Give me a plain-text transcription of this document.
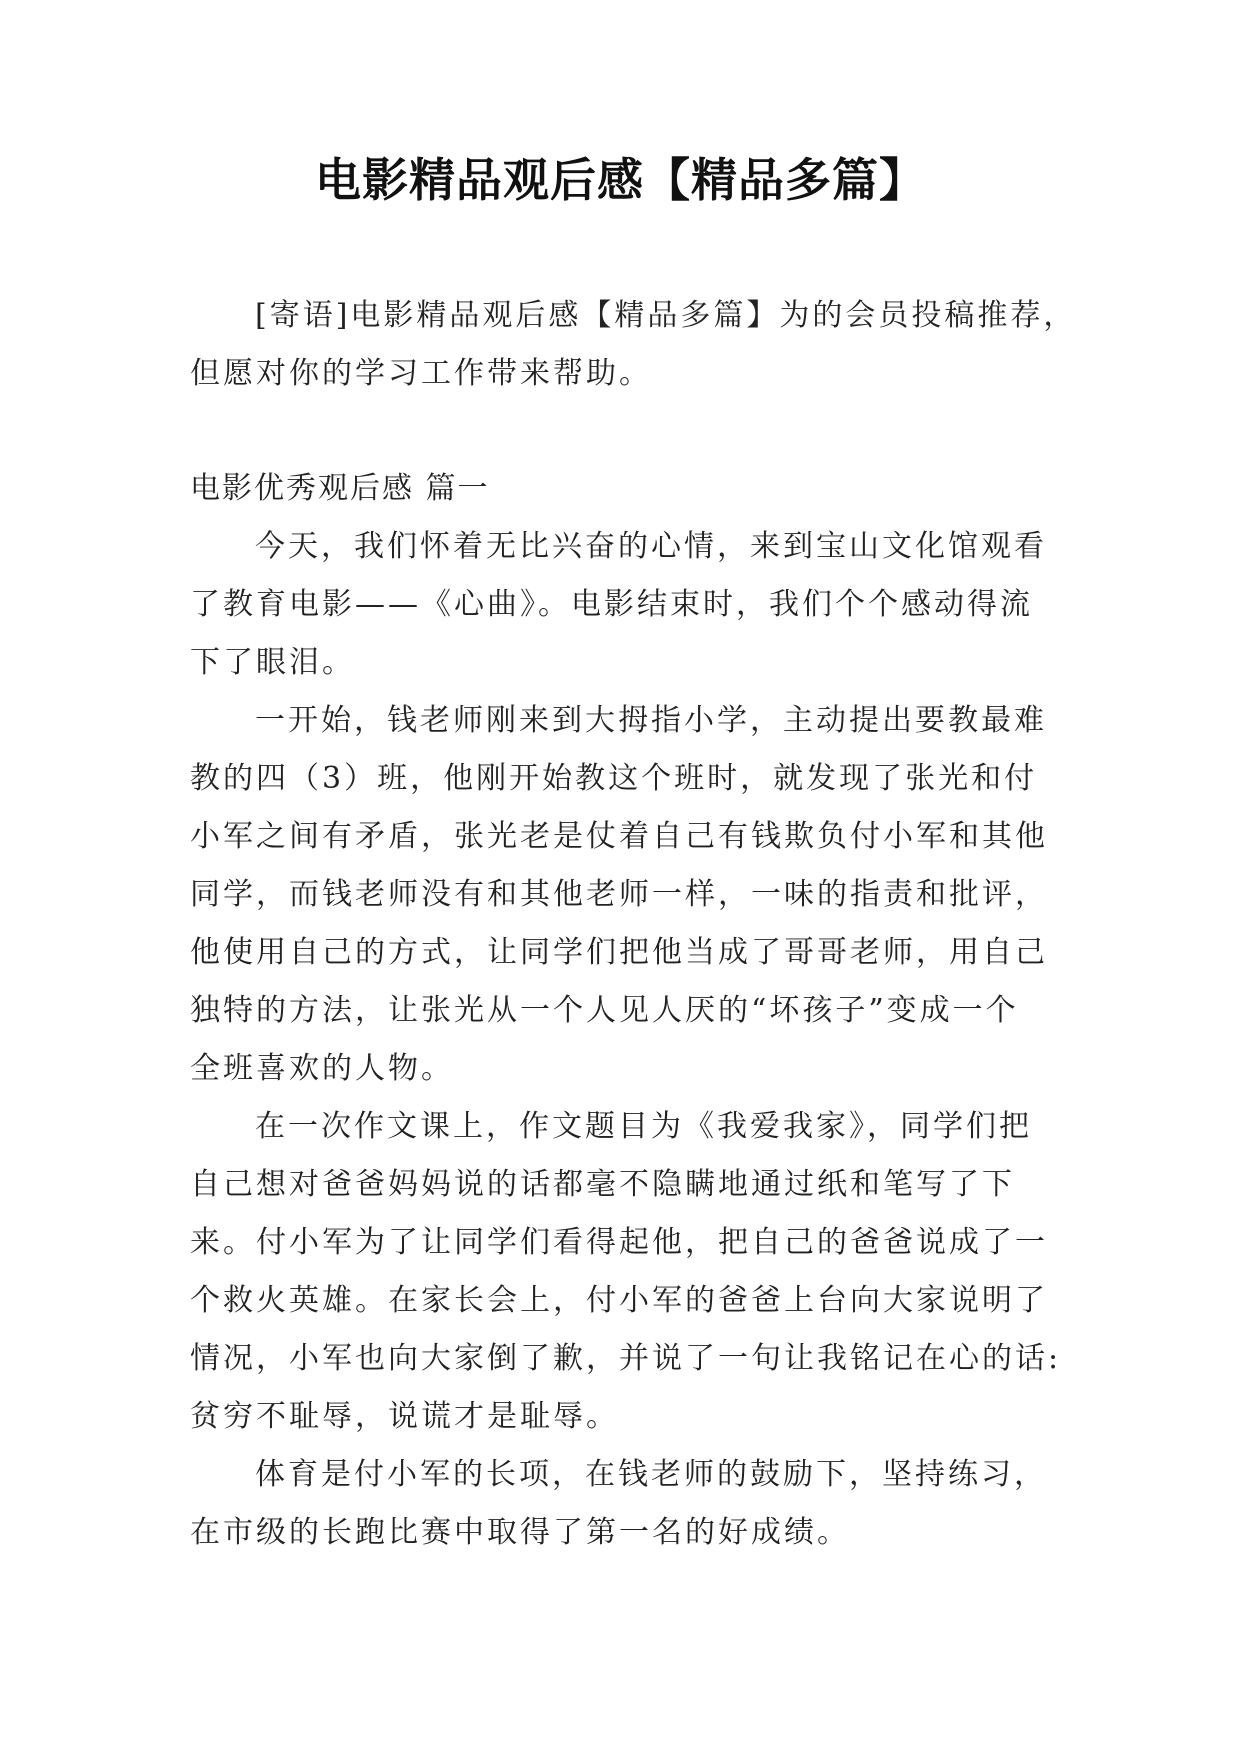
电影精品观后感【精品多篇】
[寄语]电影精品观后感【精品多篇】为的会员投稿推荐，
但愿对你的学习工作带来帮助。
电影优秀观后感 篇一
今天，我们怀着无比兴奋的心情，来到宝山文化馆观看
了教育电影——《心曲》。电影结束时，我们个个感动得流
下了眼泪。
一开始，钱老师刚来到大拇指小学，主动提出要教最难
教的四（3）班，他刚开始教这个班时，就发现了张光和付
小军之间有矛盾，张光老是仗着自己有钱欺负付小军和其他
同学，而钱老师没有和其他老师一样，一味的指责和批评，
他使用自己的方式，让同学们把他当成了哥哥老师，用自己
独特的方法，让张光从一个人见人厌的“坏孩子”变成一个
全班喜欢的人物。
在一次作文课上，作文题目为《我爱我家》，同学们把
自己想对爸爸妈妈说的话都毫不隐瞒地通过纸和笔写了下
来。付小军为了让同学们看得起他，把自己的爸爸说成了一
个救火英雄。在家长会上，付小军的爸爸上台向大家说明了
情况，小军也向大家倒了歉，并说了一句让我铭记在心的话:
贫穷不耻辱，说谎才是耻辱。
体育是付小军的长项，在钱老师的鼓励下，坚持练习，
在市级的长跑比赛中取得了第一名的好成绩。
